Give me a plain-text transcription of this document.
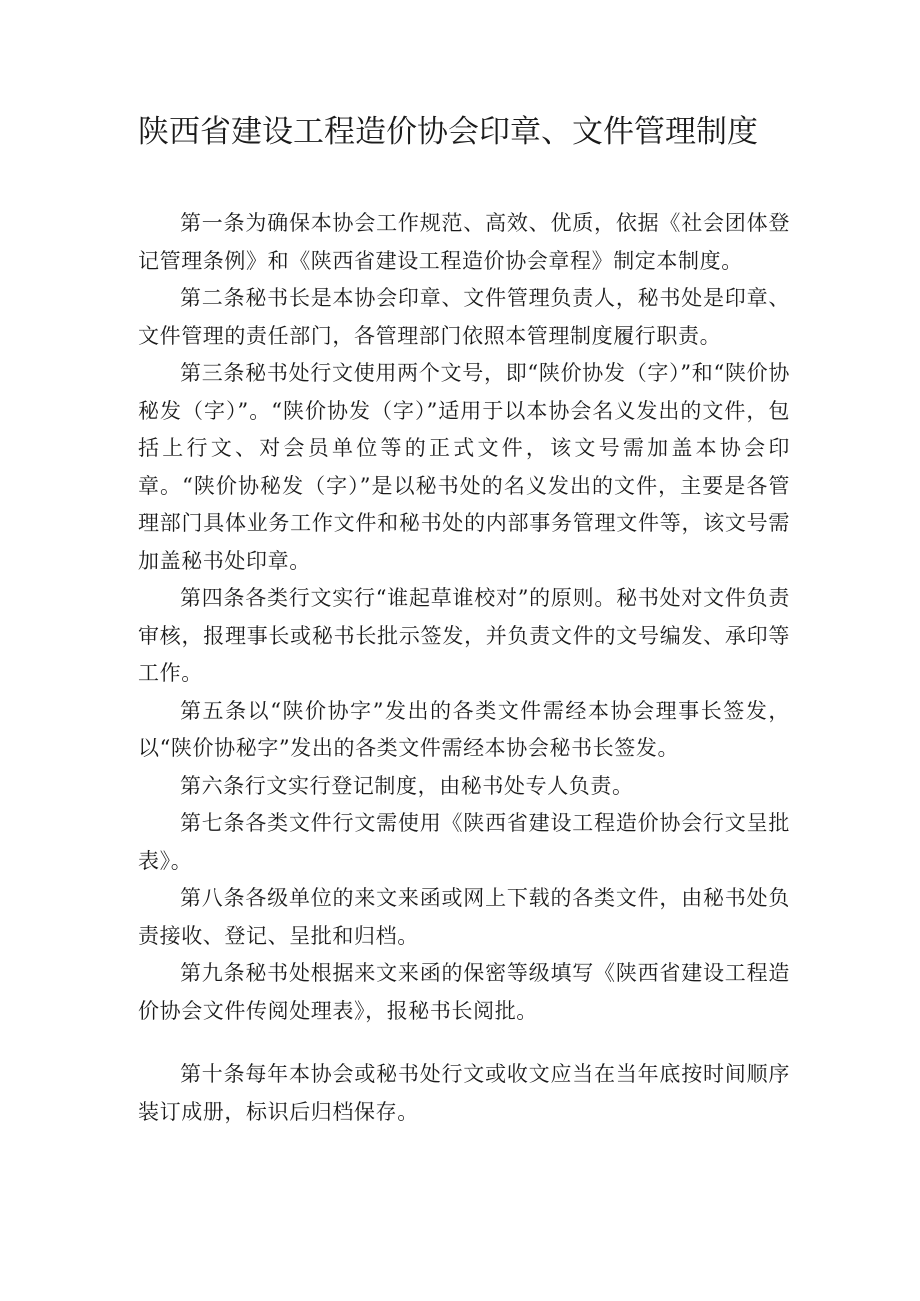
陕西省建设工程造价协会印章、文件管理制度

第一条为确保本协会工作规范、高效、优质，依据《社会团体登记管理条例》和《陕西省建设工程造价协会章程》制定本制度。

第二条秘书长是本协会印章、文件管理负责人，秘书处是印章、文件管理的责任部门，各管理部门依照本管理制度履行职责。

第三条秘书处行文使用两个文号，即“陕价协发（字）”和“陕价协秘发（字）”。“陕价协发（字）”适用于以本协会名义发出的文件，包括上行文、对会员单位等的正式文件，该文号需加盖本协会印章。“陕价协秘发（字）”是以秘书处的名义发出的文件，主要是各管理部门具体业务工作文件和秘书处的内部事务管理文件等，该文号需加盖秘书处印章。

第四条各类行文实行“谁起草谁校对”的原则。秘书处对文件负责审核，报理事长或秘书长批示签发，并负责文件的文号编发、承印等工作。

第五条以“陕价协字”发出的各类文件需经本协会理事长签发，以“陕价协秘字”发出的各类文件需经本协会秘书长签发。

第六条行文实行登记制度，由秘书处专人负责。

第七条各类文件行文需使用《陕西省建设工程造价协会行文呈批表》。

第八条各级单位的来文来函或网上下载的各类文件，由秘书处负责接收、登记、呈批和归档。

第九条秘书处根据来文来函的保密等级填写《陕西省建设工程造价协会文件传阅处理表》，报秘书长阅批。

第十条每年本协会或秘书处行文或收文应当在当年底按时间顺序装订成册，标识后归档保存。
